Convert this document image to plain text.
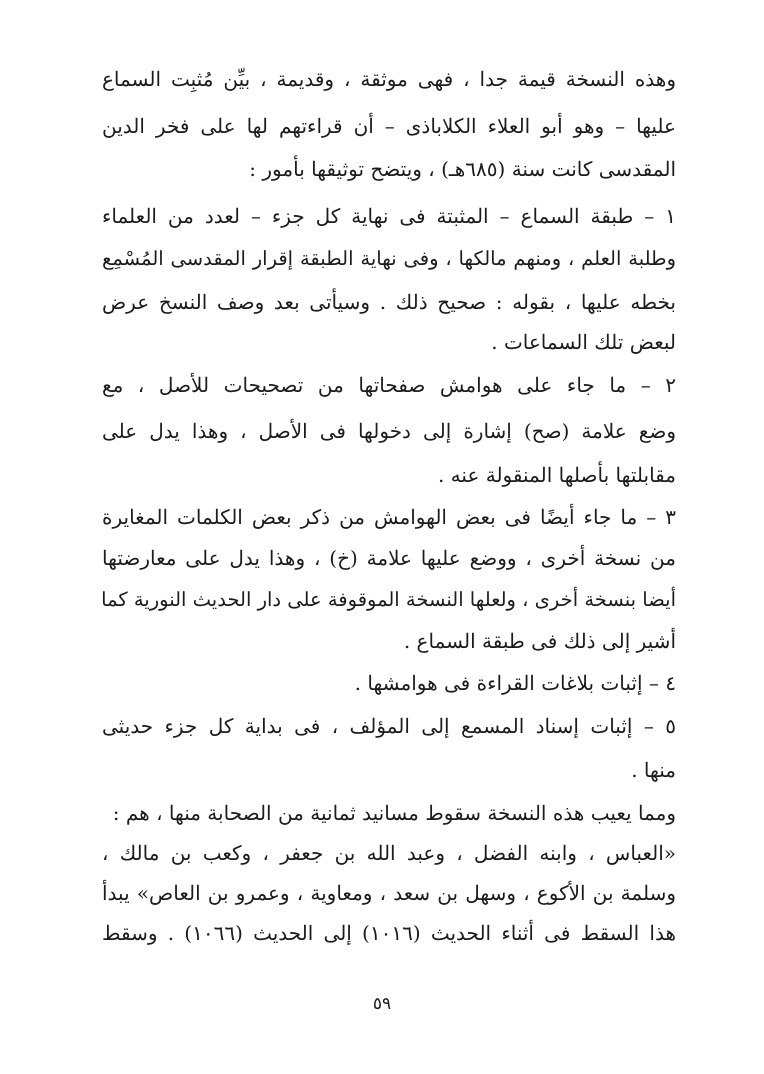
وهذه النسخة قيمة جدا ، فهى موثقة ، وقديمة ، بيِّن مُثبِت السماع
عليها – وهو أبو العلاء الكلاباذى – أن قراءتهم لها على فخر الدين
المقدسى كانت سنة (٦٨٥هـ) ، ويتضح توثيقها بأمور :
١ – طبقة السماع – المثبتة فى نهاية كل جزء – لعدد من العلماء
وطلبة العلم ، ومنهم مالكها ، وفى نهاية الطبقة إقرار المقدسى المُسْمِع
بخطه عليها ، بقوله : صحيح ذلك . وسيأتى بعد وصف النسخ عرض
لبعض تلك السماعات .
٢ – ما جاء على هوامش صفحاتها من تصحيحات للأصل ، مع
وضع علامة (صح) إشارة إلى دخولها فى الأصل ، وهذا يدل على
مقابلتها بأصلها المنقولة عنه .
٣ – ما جاء أيضًا فى بعض الهوامش من ذكر بعض الكلمات المغايرة
من نسخة أخرى ، ووضع عليها علامة (خ) ، وهذا يدل على معارضتها
أيضا بنسخة أخرى ، ولعلها النسخة الموقوفة على دار الحديث النورية كما
أشير إلى ذلك فى طبقة السماع .
٤ – إثبات بلاغات القراءة فى هوامشها .
٥ – إثبات إسناد المسمع إلى المؤلف ، فى بداية كل جزء حديثى
منها .
ومما يعيب هذه النسخة سقوط مسانيد ثمانية من الصحابة منها ، هم :
«العباس ، وابنه الفضل ، وعبد الله بن جعفر ، وكعب بن مالك ،
وسلمة بن الأكوع ، وسهل بن سعد ، ومعاوية ، وعمرو بن العاص» يبدأ
هذا السقط فى أثناء الحديث (١٠١٦) إلى الحديث (١٠٦٦) . وسقط
٥٩
